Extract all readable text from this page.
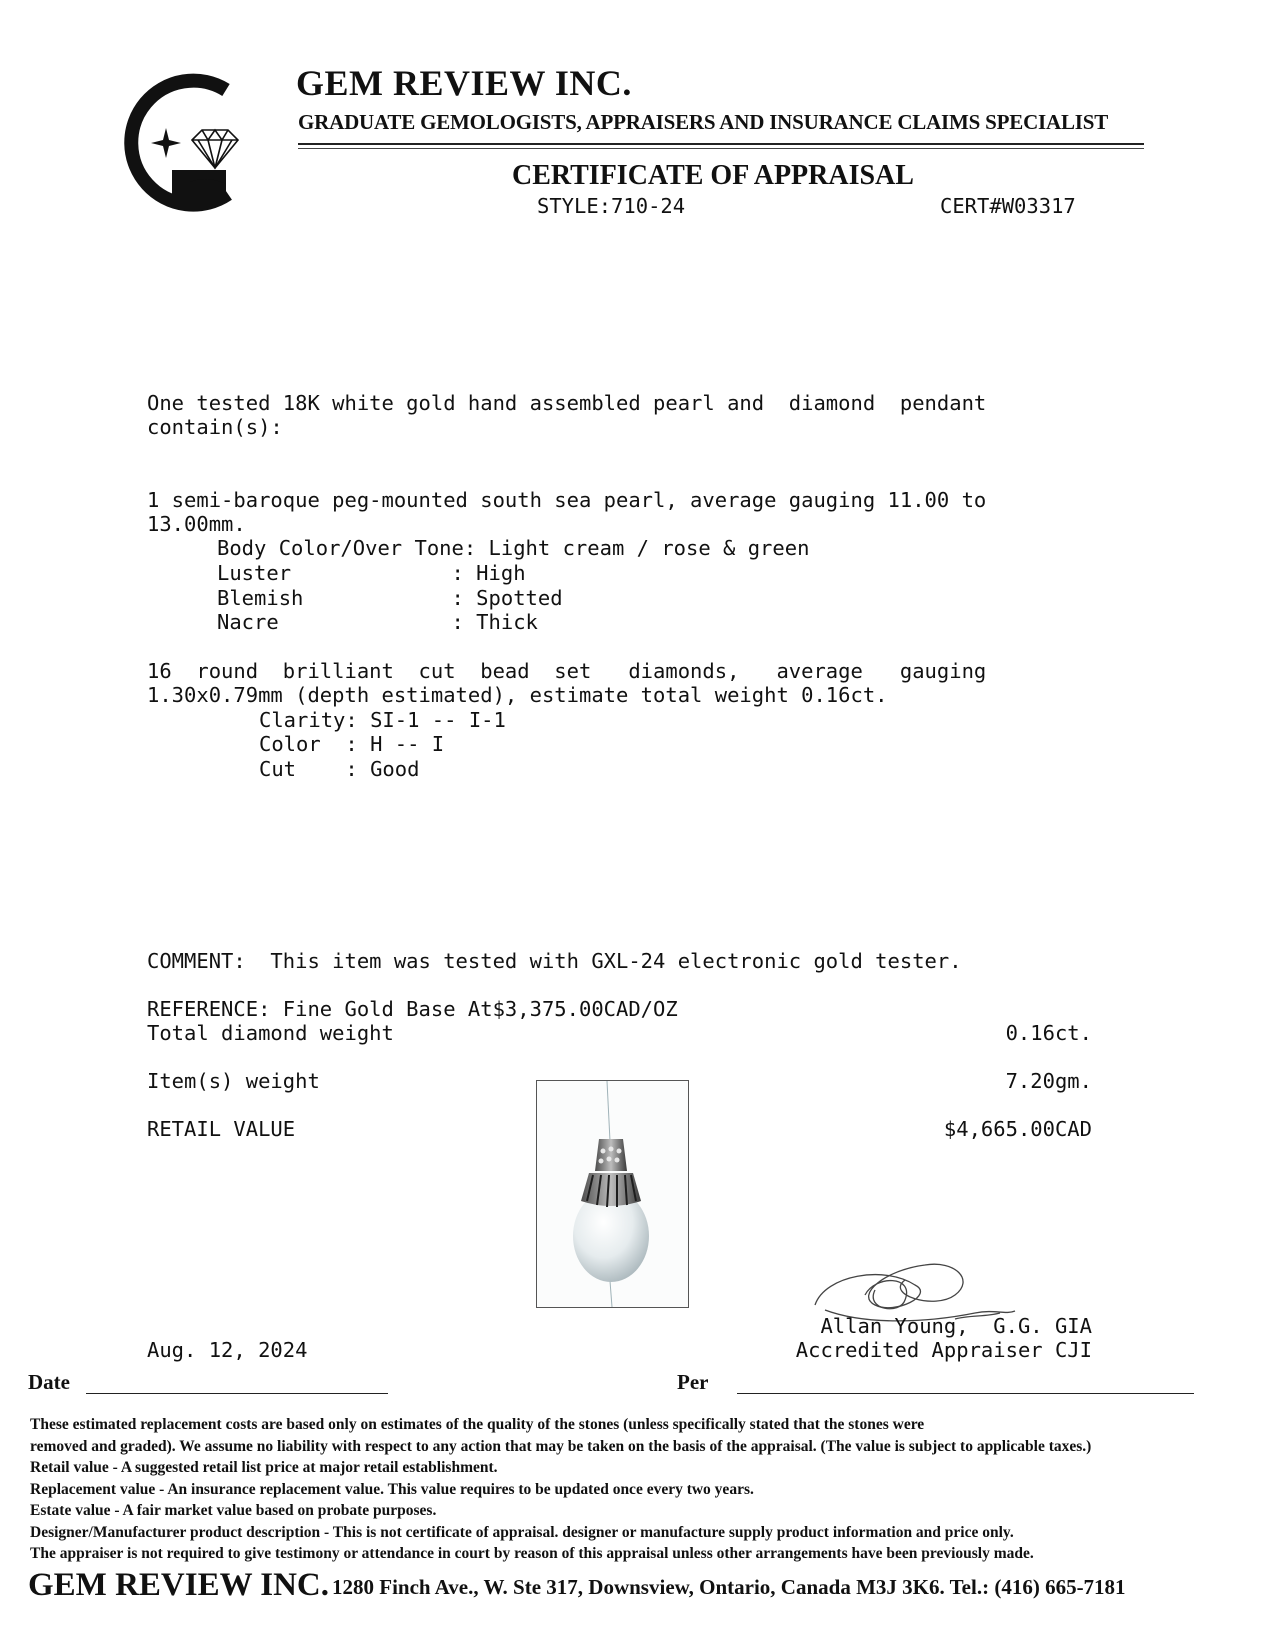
GEM REVIEW INC.
GRADUATE GEMOLOGISTS, APPRAISERS AND INSURANCE CLAIMS SPECIALIST
CERTIFICATE OF APPRAISAL
STYLE:710-24	CERT#W03317
One tested 18K white gold hand assembled pearl and  diamond  pendant
contain(s):
1 semi-baroque peg-mounted south sea pearl, average gauging 11.00 to
13.00mm.
Body Color/Over Tone: Light cream / rose & green
Luster             : High
Blemish            : Spotted
Nacre              : Thick
16  round  brilliant  cut  bead  set   diamonds,   average   gauging
1.30x0.79mm (depth estimated), estimate total weight 0.16ct.
Clarity: SI-1 -- I-1
Color  : H -- I
Cut    : Good
COMMENT:  This item was tested with GXL-24 electronic gold tester.
REFERENCE: Fine Gold Base At$3,375.00CAD/OZ
Total diamond weight	0.16ct.
Item(s) weight	7.20gm.
RETAIL VALUE	$4,665.00CAD
Aug. 12, 2024
Allan Young,  G.G. GIA
Accredited Appraiser CJI
Date	Per
These estimated replacement costs are based only on estimates of the quality of the stones (unless specifically stated that the stones were
removed and graded). We assume no liability with respect to any action that may be taken on the basis of the appraisal. (The value is subject to applicable taxes.)
Retail value - A suggested retail list price at major retail establishment.
Replacement value - An insurance replacement value. This value requires to be updated once every two years.
Estate value - A fair market value based on probate purposes.
Designer/Manufacturer product description - This is not certificate of appraisal. designer or manufacture supply product information and price only.
The appraiser is not required to give testimony or attendance in court by reason of this appraisal unless other arrangements have been previously made.
GEM REVIEW INC. 1280 Finch Ave., W. Ste 317, Downsview, Ontario, Canada M3J 3K6. Tel.: (416) 665-7181
